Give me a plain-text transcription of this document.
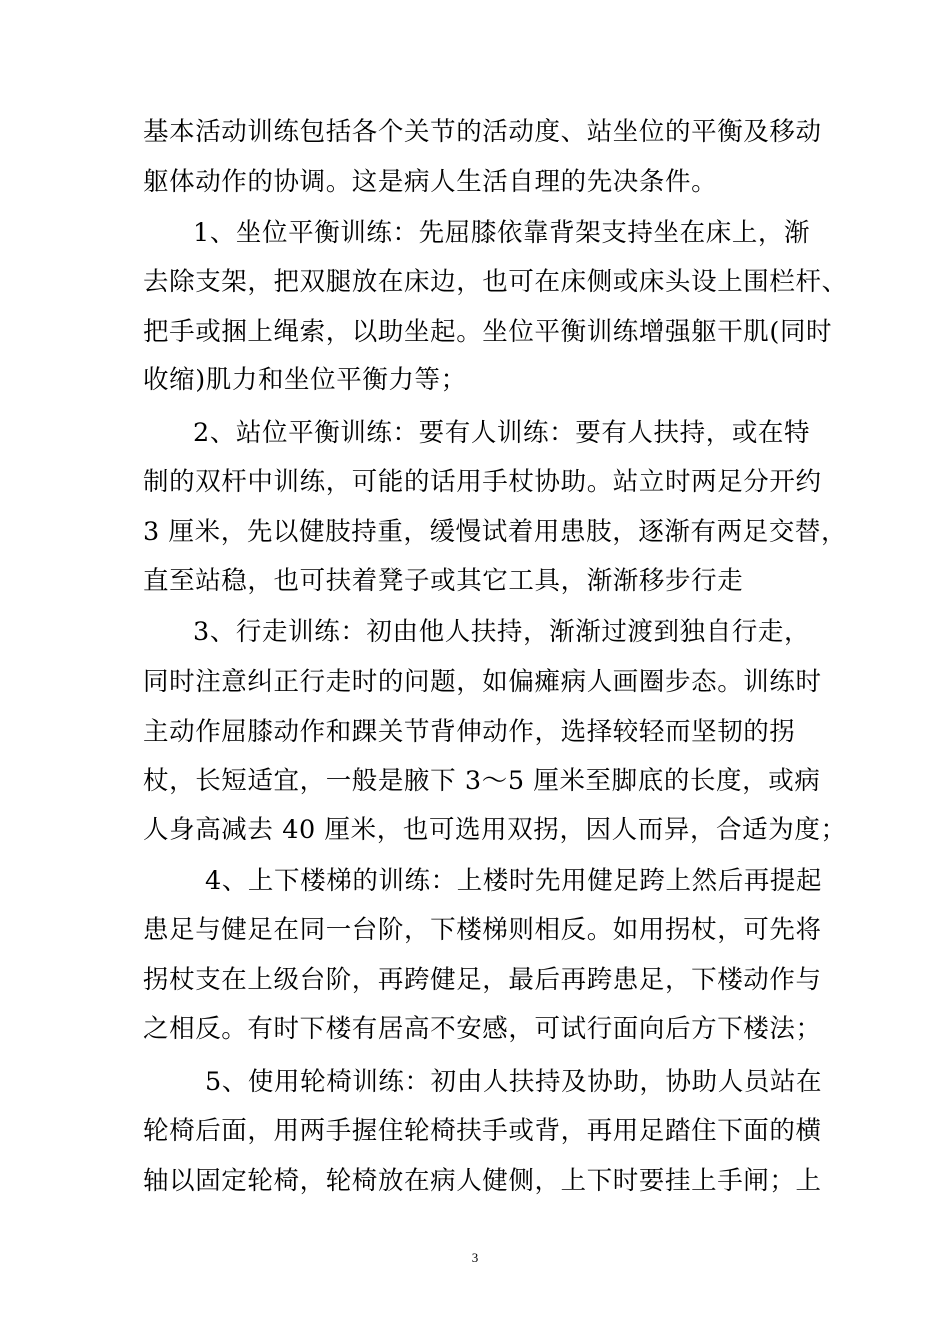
基本活动训练包括各个关节的活动度、站坐位的平衡及移动
躯体动作的协调。这是病人生活自理的先决条件。
1、坐位平衡训练：先屈膝依靠背架支持坐在床上，渐
去除支架，把双腿放在床边，也可在床侧或床头设上围栏杆、
把手或捆上绳索，以助坐起。坐位平衡训练增强躯干肌(同时
收缩)肌力和坐位平衡力等；
2、站位平衡训练：要有人训练：要有人扶持，或在特
制的双杆中训练，可能的话用手杖协助。站立时两足分开约
3 厘米，先以健肢持重，缓慢试着用患肢，逐渐有两足交替，
直至站稳，也可扶着凳子或其它工具，渐渐移步行走
3、行走训练：初由他人扶持，渐渐过渡到独自行走，
同时注意纠正行走时的问题，如偏瘫病人画圈步态。训练时
主动作屈膝动作和踝关节背伸动作，选择较轻而坚韧的拐
杖，长短适宜，一般是腋下 3～5 厘米至脚底的长度，或病
人身高减去 40 厘米，也可选用双拐，因人而异，合适为度；
4、上下楼梯的训练：上楼时先用健足跨上然后再提起
患足与健足在同一台阶，下楼梯则相反。如用拐杖，可先将
拐杖支在上级台阶，再跨健足，最后再跨患足，下楼动作与
之相反。有时下楼有居高不安感，可试行面向后方下楼法；
5、使用轮椅训练：初由人扶持及协助，协助人员站在
轮椅后面，用两手握住轮椅扶手或背，再用足踏住下面的横
轴以固定轮椅，轮椅放在病人健侧，上下时要挂上手闸；上
3
